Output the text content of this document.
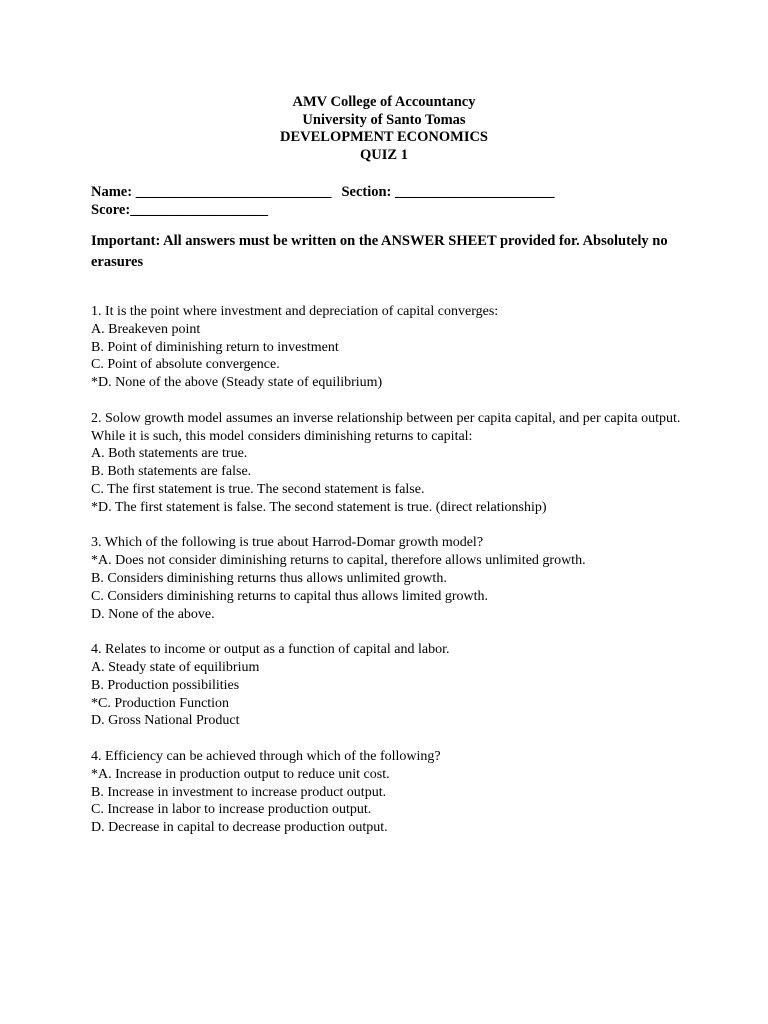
AMV College of Accountancy
University of Santo Tomas
DEVELOPMENT ECONOMICS
QUIZ 1
Name: ___________________________ Section: ______________________
Score:___________________
Important: All answers must be written on the ANSWER SHEET provided for. Absolutely no erasures
1. It is the point where investment and depreciation of capital converges:
A. Breakeven point
B. Point of diminishing return to investment
C. Point of absolute convergence.
*D. None of the above (Steady state of equilibrium)
2. Solow growth model assumes an inverse relationship between per capita capital, and per capita output. While it is such, this model considers diminishing returns to capital:
A. Both statements are true.
B. Both statements are false.
C. The first statement is true. The second statement is false.
*D. The first statement is false. The second statement is true. (direct relationship)
3. Which of the following is true about Harrod-Domar growth model?
*A. Does not consider diminishing returns to capital, therefore allows unlimited growth.
B. Considers diminishing returns thus allows unlimited growth.
C. Considers diminishing returns to capital thus allows limited growth.
D. None of the above.
4. Relates to income or output as a function of capital and labor.
A. Steady state of equilibrium
B. Production possibilities
*C. Production Function
D. Gross National Product
4. Efficiency can be achieved through which of the following?
*A. Increase in production output to reduce unit cost.
B. Increase in investment to increase product output.
C. Increase in labor to increase production output.
D. Decrease in capital to decrease production output.
